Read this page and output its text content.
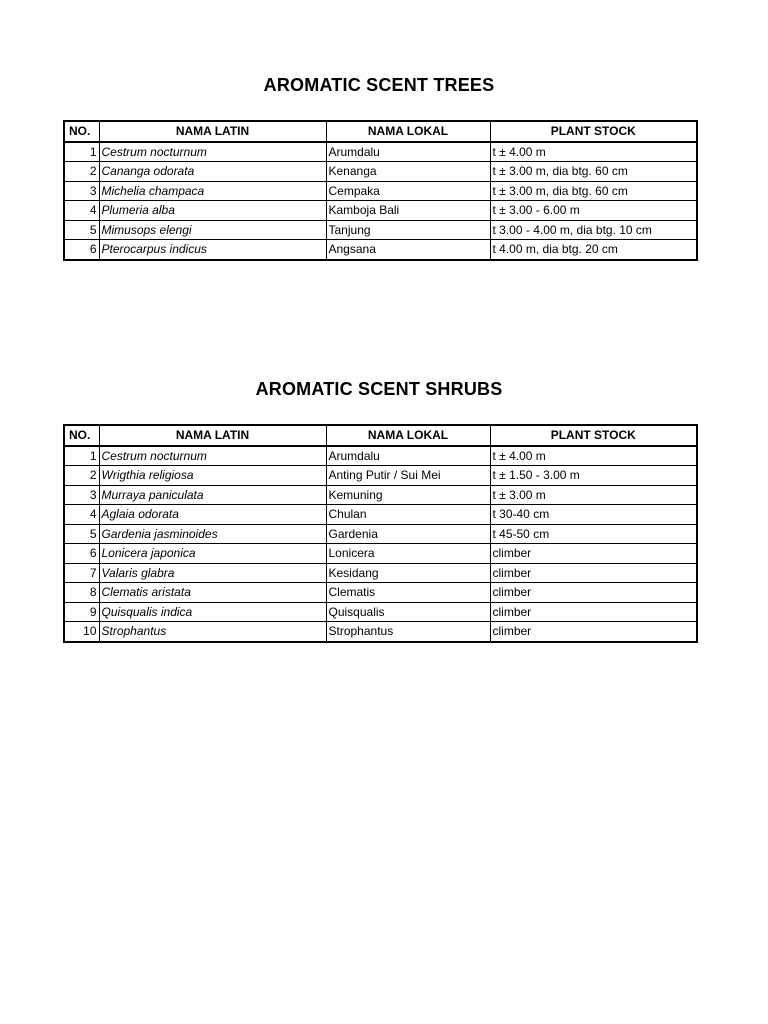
AROMATIC SCENT TREES
NO.	NAMA LATIN	NAMA LOKAL	PLANT STOCK
1	Cestrum nocturnum	Arumdalu	t ± 4.00 m
2	Cananga odorata	Kenanga	t ± 3.00 m, dia btg. 60 cm
3	Michelia champaca	Cempaka	t ± 3.00 m, dia btg. 60 cm
4	Plumeria alba	Kamboja Bali	t ± 3.00 - 6.00 m
5	Mimusops elengi	Tanjung	t 3.00 - 4.00 m, dia btg. 10 cm
6	Pterocarpus indicus	Angsana	t 4.00 m, dia btg. 20 cm
AROMATIC SCENT SHRUBS
NO.	NAMA LATIN	NAMA LOKAL	PLANT STOCK
1	Cestrum nocturnum	Arumdalu	t ± 4.00 m
2	Wrigthia religiosa	Anting Putir / Sui Mei	t ± 1.50 - 3.00 m
3	Murraya paniculata	Kemuning	t ± 3.00 m
4	Aglaia odorata	Chulan	t 30-40 cm
5	Gardenia jasminoides	Gardenia	t 45-50 cm
6	Lonicera japonica	Lonicera	climber
7	Valaris glabra	Kesidang	climber
8	Clematis aristata	Clematis	climber
9	Quisqualis indica	Quisqualis	climber
10	Strophantus	Strophantus	climber
